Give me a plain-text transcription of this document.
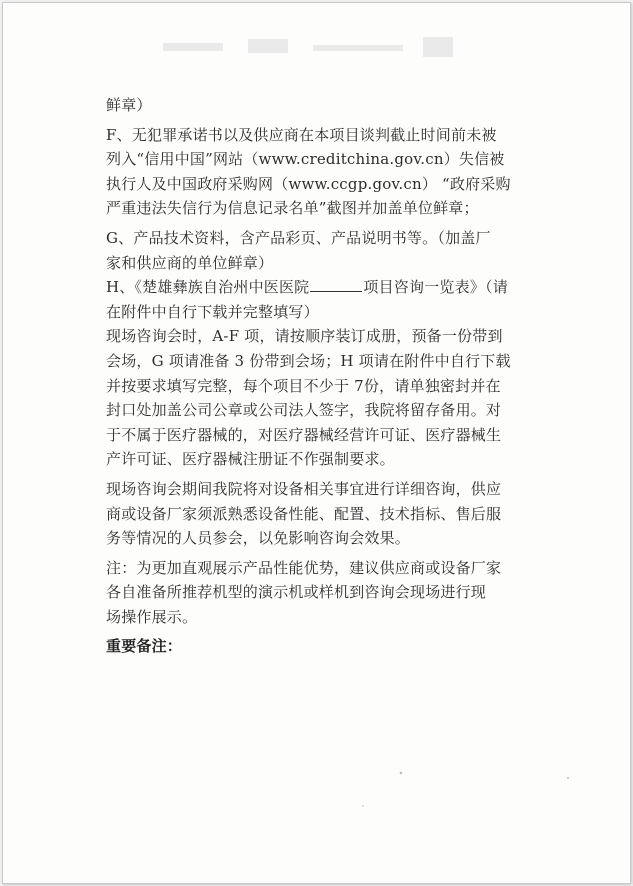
鲜章）
F、无犯罪承诺书以及供应商在本项目谈判截止时间前未被
列入“信用中国”网站（www.creditchina.gov.cn）失信被
执行人及中国政府采购网（www.ccgp.gov.cn） “政府采购
严重违法失信行为信息记录名单”截图并加盖单位鲜章；
G、产品技术资料，含产品彩页、产品说明书等。（加盖厂
家和供应商的单位鲜章）
H、《楚雄彝族自治州中医医院	项目咨询一览表》（请
在附件中自行下载并完整填写）
现场咨询会时，A-F 项，请按顺序装订成册，预备一份带到
会场，G 项请准备 3 份带到会场；H 项请在附件中自行下载
并按要求填写完整，每个项目不少于 7份，请单独密封并在
封口处加盖公司公章或公司法人签字，我院将留存备用。对
于不属于医疗器械的，对医疗器械经营许可证、医疗器械生
产许可证、医疗器械注册证不作强制要求。
现场咨询会期间我院将对设备相关事宜进行详细咨询，供应
商或设备厂家须派熟悉设备性能、配置、技术指标、售后服
务等情况的人员参会，以免影响咨询会效果。
注：为更加直观展示产品性能优势，建议供应商或设备厂家
各自准备所推荐机型的演示机或样机到咨询会现场进行现
场操作展示。
重要备注：
